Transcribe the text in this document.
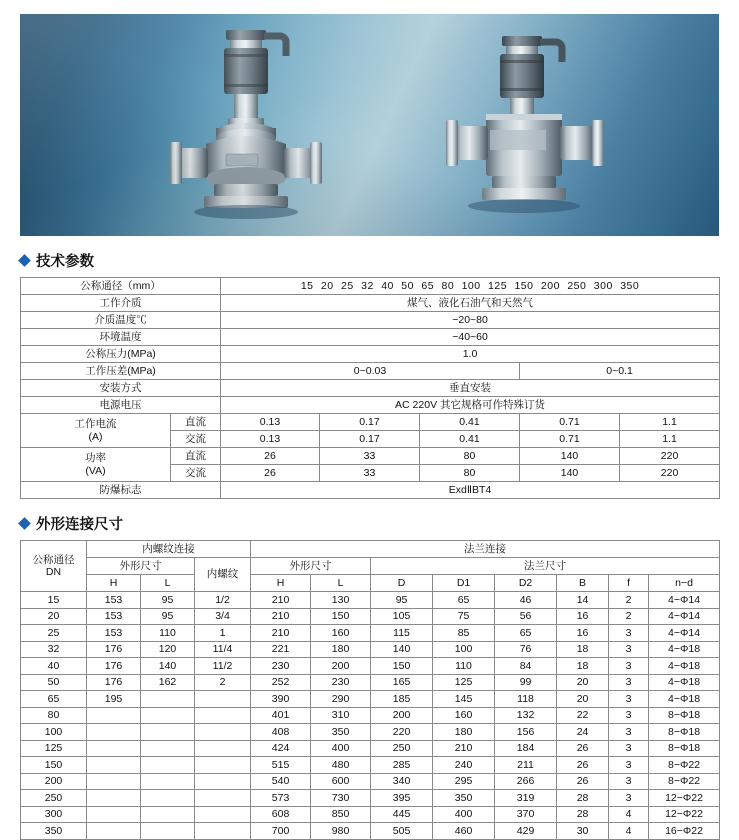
技术参数
公称通径（mm）		15 20 25 32 40 50 65 80 100 125 150 200 250 300 350				
工作介质		煤气、液化石油气和天然气				
介质温度℃		−20~80				
环境温度		−40~60				
公称压力(MPa)		1.0				
工作压差(MPa)		0~0.03			0~0.1	
安装方式		垂直安装				
电源电压		AC 220V 其它规格可作特殊订货				

工作电流
(A)	直流	0.13	0.17	0.41	0.71	1.1
	交流	0.13	0.17	0.41	0.71	1.1

功率
(VA)	直流	26	33	80	140	220
	交流	26	33	80	140	220
防爆标志		ExdⅡBT4				
外形连接尺寸
公称通径
DN	内螺纹连接			法兰连接							
	外形尺寸		内螺纹	外形尺寸		法兰尺寸					
	H	L		H	L	D	D1	D2	B	f	n−d
15	153	95	1/2	210	130	95	65	46	14	2	4−Φ14
20	153	95	3/4	210	150	105	75	56	16	2	4−Φ14
25	153	110	1	210	160	115	85	65	16	3	4−Φ14
32	176	120	11/4	221	180	140	100	76	18	3	4−Φ18
40	176	140	11/2	230	200	150	110	84	18	3	4−Φ18
50	176	162	2	252	230	165	125	99	20	3	4−Φ18
65	195			390	290	185	145	118	20	3	4−Φ18
80				401	310	200	160	132	22	3	8−Φ18
100				408	350	220	180	156	24	3	8−Φ18
125				424	400	250	210	184	26	3	8−Φ18
150				515	480	285	240	211	26	3	8−Φ22
200				540	600	340	295	266	26	3	8−Φ22
250				573	730	395	350	319	28	3	12−Φ22
300				608	850	445	400	370	28	4	12−Φ22
350				700	980	505	460	429	30	4	16−Φ22
